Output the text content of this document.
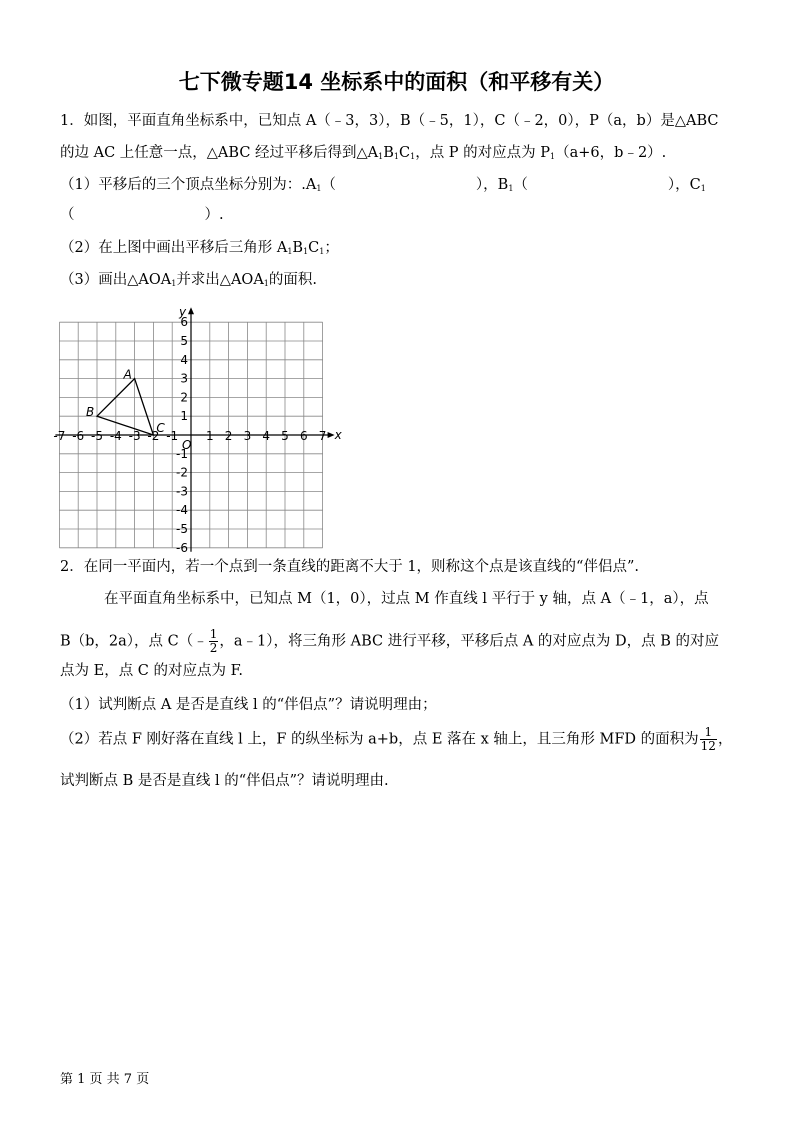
七下微专题14 坐标系中的面积（和平移有关）
1．如图，平面直角坐标系中，已知点 A（﹣3，3），B（﹣5，1），C（﹣2，0），P（a，b）是△ABC
的边 AC 上任意一点，△ABC 经过平移后得到$\triangle A_1B_1C_1$，点 P 的对应点为 $P_1(a+6$，b﹣2）.
（1）平移后的三个顶点坐标分别为：$.A_1$（	），$B_1$（	），$C_1$
（	）.
（2）在上图中画出平移后三角形 $A_1B_1C_1$；
（3）画出$\triangle AOA_1$并求出$\triangle AOA_1$的面积.
x
y
O
-7 -6 -5 -4 -3 -2 -1 1 2 3 4 5 6 7
6
5
4
3
2
1
-1
-2
-3
-4
-5
-6
A
B
C
2．在同一平面内，若一个点到一条直线的距离不大于 1，则称这个点是该直线的“伴侣点”.
在平面直角坐标系中，已知点 M（1，0），过点 M 作直线 l 平行于 y 轴，点 A（﹣1，a），点
B（b，2a），点 C（﹣ $\frac{1}{2}$ ，a﹣1），将三角形 ABC 进行平移，平移后点 A 的对应点为 D，点 B 的对应
点为 E，点 C 的对应点为 F.
（1）试判断点 A 是否是直线 l 的“伴侣点”？请说明理由；
（2）若点 F 刚好落在直线 l 上，F 的纵坐标为 a+b，点 E 落在 x 轴上，且三角形 MFD 的面积为 $\frac{1}{12}$ ，
试判断点 B 是否是直线 l 的“伴侣点”？请说明理由.
第 1 页 共 7 页
